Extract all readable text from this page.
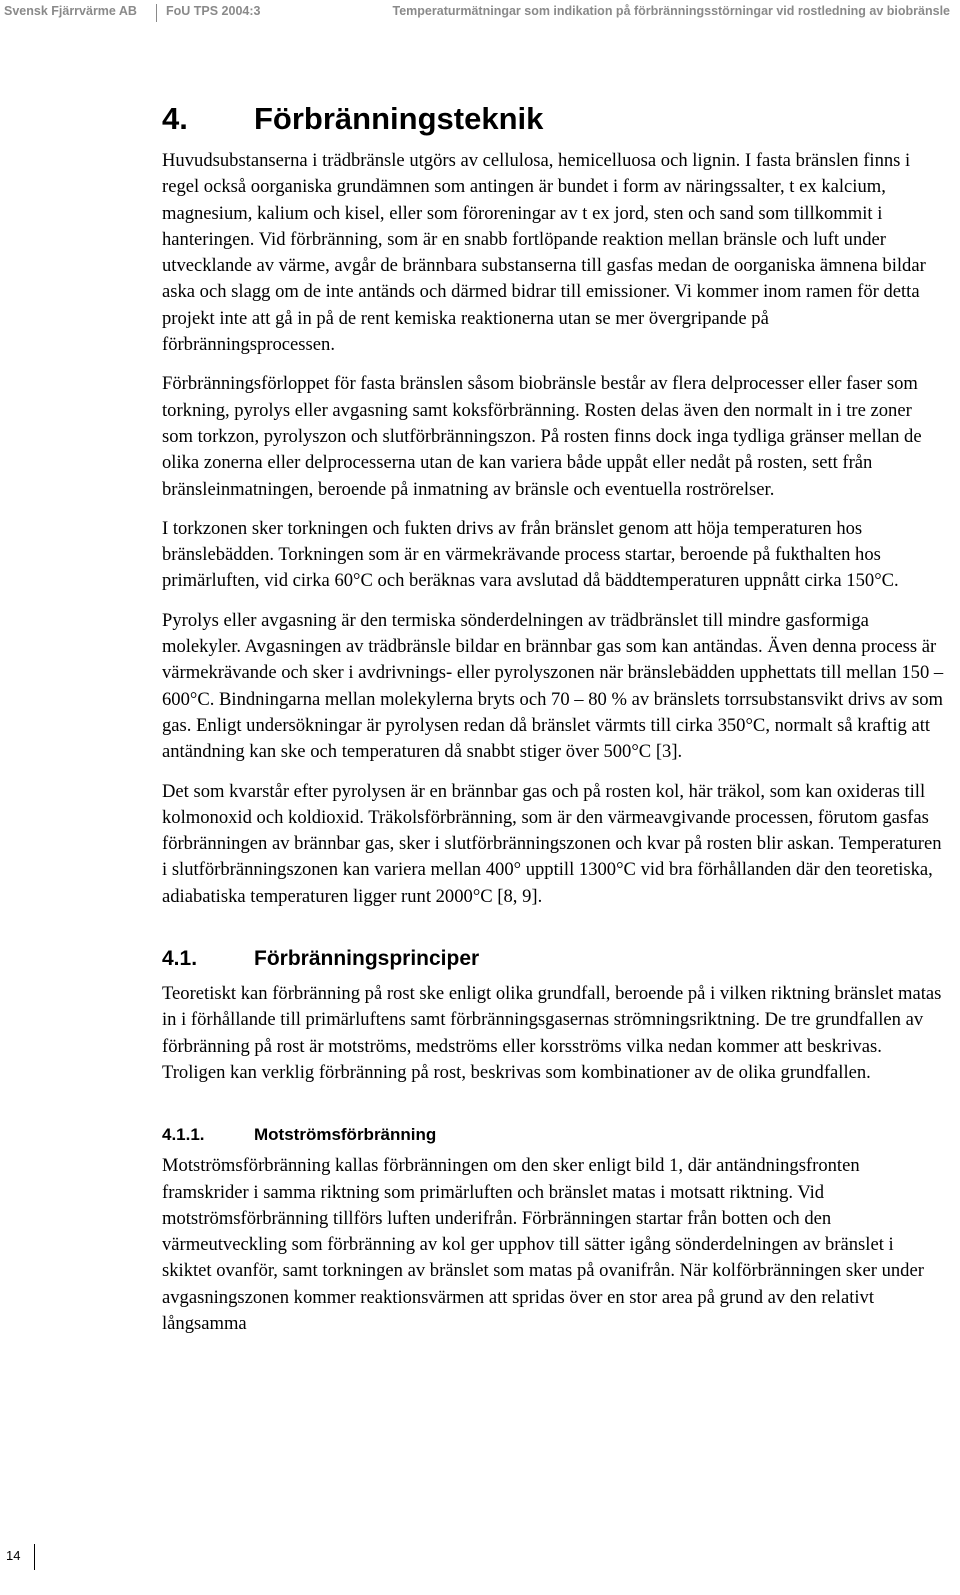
Svensk Fjärrvärme AB FoU TPS 2004:3	Temperaturmätningar som indikation på förbränningsstörningar vid rostledning av biobränsle
4.	Förbränningsteknik

Huvudsubstanserna i trädbränsle utgörs av cellulosa, hemicelluosa och lignin. I fasta bränslen finns i regel också oorganiska grundämnen som antingen är bundet i form av näringssalter, t ex kalcium, magnesium, kalium och kisel, eller som föroreningar av t ex jord, sten och sand som tillkommit i hanteringen. Vid förbränning, som är en snabb fortlöpande reaktion mellan bränsle och luft under utvecklande av värme, avgår de brännbara substanserna till gasfas medan de oorganiska ämnena bildar aska och slagg om de inte antänds och därmed bidrar till emissioner. Vi kommer inom ramen för detta projekt inte att gå in på de rent kemiska reaktionerna utan se mer övergripande på förbränningsprocessen.

Förbränningsförloppet för fasta bränslen såsom biobränsle består av flera delprocesser eller faser som torkning, pyrolys eller avgasning samt koksförbränning. Rosten delas även den normalt in i tre zoner som torkzon, pyrolyszon och slutförbränningszon. På rosten finns dock inga tydliga gränser mellan de olika zonerna eller delprocesserna utan de kan variera både uppåt eller nedåt på rosten, sett från bränsleinmatningen, beroende på inmatning av bränsle och eventuella roströrelser.

I torkzonen sker torkningen och fukten drivs av från bränslet genom att höja temperaturen hos bränslebädden. Torkningen som är en värmekrävande process startar, beroende på fukthalten hos primärluften, vid cirka 60°C och beräknas vara avslutad då bäddtemperaturen uppnått cirka 150°C.

Pyrolys eller avgasning är den termiska sönderdelningen av trädbränslet till mindre gasformiga molekyler. Avgasningen av trädbränsle bildar en brännbar gas som kan antändas. Även denna process är värmekrävande och sker i avdrivnings- eller pyrolyszonen när bränslebädden upphettats till mellan 150 – 600°C. Bindningarna mellan molekylerna bryts och 70 – 80 % av bränslets torrsubstansvikt drivs av som gas. Enligt undersökningar är pyrolysen redan då bränslet värmts till cirka 350°C, normalt så kraftig att antändning kan ske och temperaturen då snabbt stiger över 500°C [3].

Det som kvarstår efter pyrolysen är en brännbar gas och på rosten kol, här träkol, som kan oxideras till kolmonoxid och koldioxid. Träkolsförbränning, som är den värmeavgivande processen, förutom gasfas förbränningen av brännbar gas, sker i slutförbränningszonen och kvar på rosten blir askan. Temperaturen i slutförbränningszonen kan variera mellan 400° upptill 1300°C vid bra förhållanden där den teoretiska, adiabatiska temperaturen ligger runt 2000°C [8, 9].

4.1.	Förbränningsprinciper

Teoretiskt kan förbränning på rost ske enligt olika grundfall, beroende på i vilken riktning bränslet matas in i förhållande till primärluftens samt förbränningsgasernas strömningsriktning. De tre grundfallen av förbränning på rost är motströms, medströms eller korsströms vilka nedan kommer att beskrivas. Troligen kan verklig förbränning på rost, beskrivas som kombinationer av de olika grundfallen.

4.1.1.	Motströmsförbränning

Motströmsförbränning kallas förbränningen om den sker enligt bild 1, där antändningsfronten framskrider i samma riktning som primärluften och bränslet matas i motsatt riktning. Vid motströmsförbränning tillförs luften underifrån. Förbränningen startar från botten och den värmeutveckling som förbränning av kol ger upphov till sätter igång sönderdelningen av bränslet i skiktet ovanför, samt torkningen av bränslet som matas på ovanifrån. När kolförbränningen sker under avgasningszonen kommer reaktionsvärmen att spridas över en stor area på grund av den relativt långsamma

14
